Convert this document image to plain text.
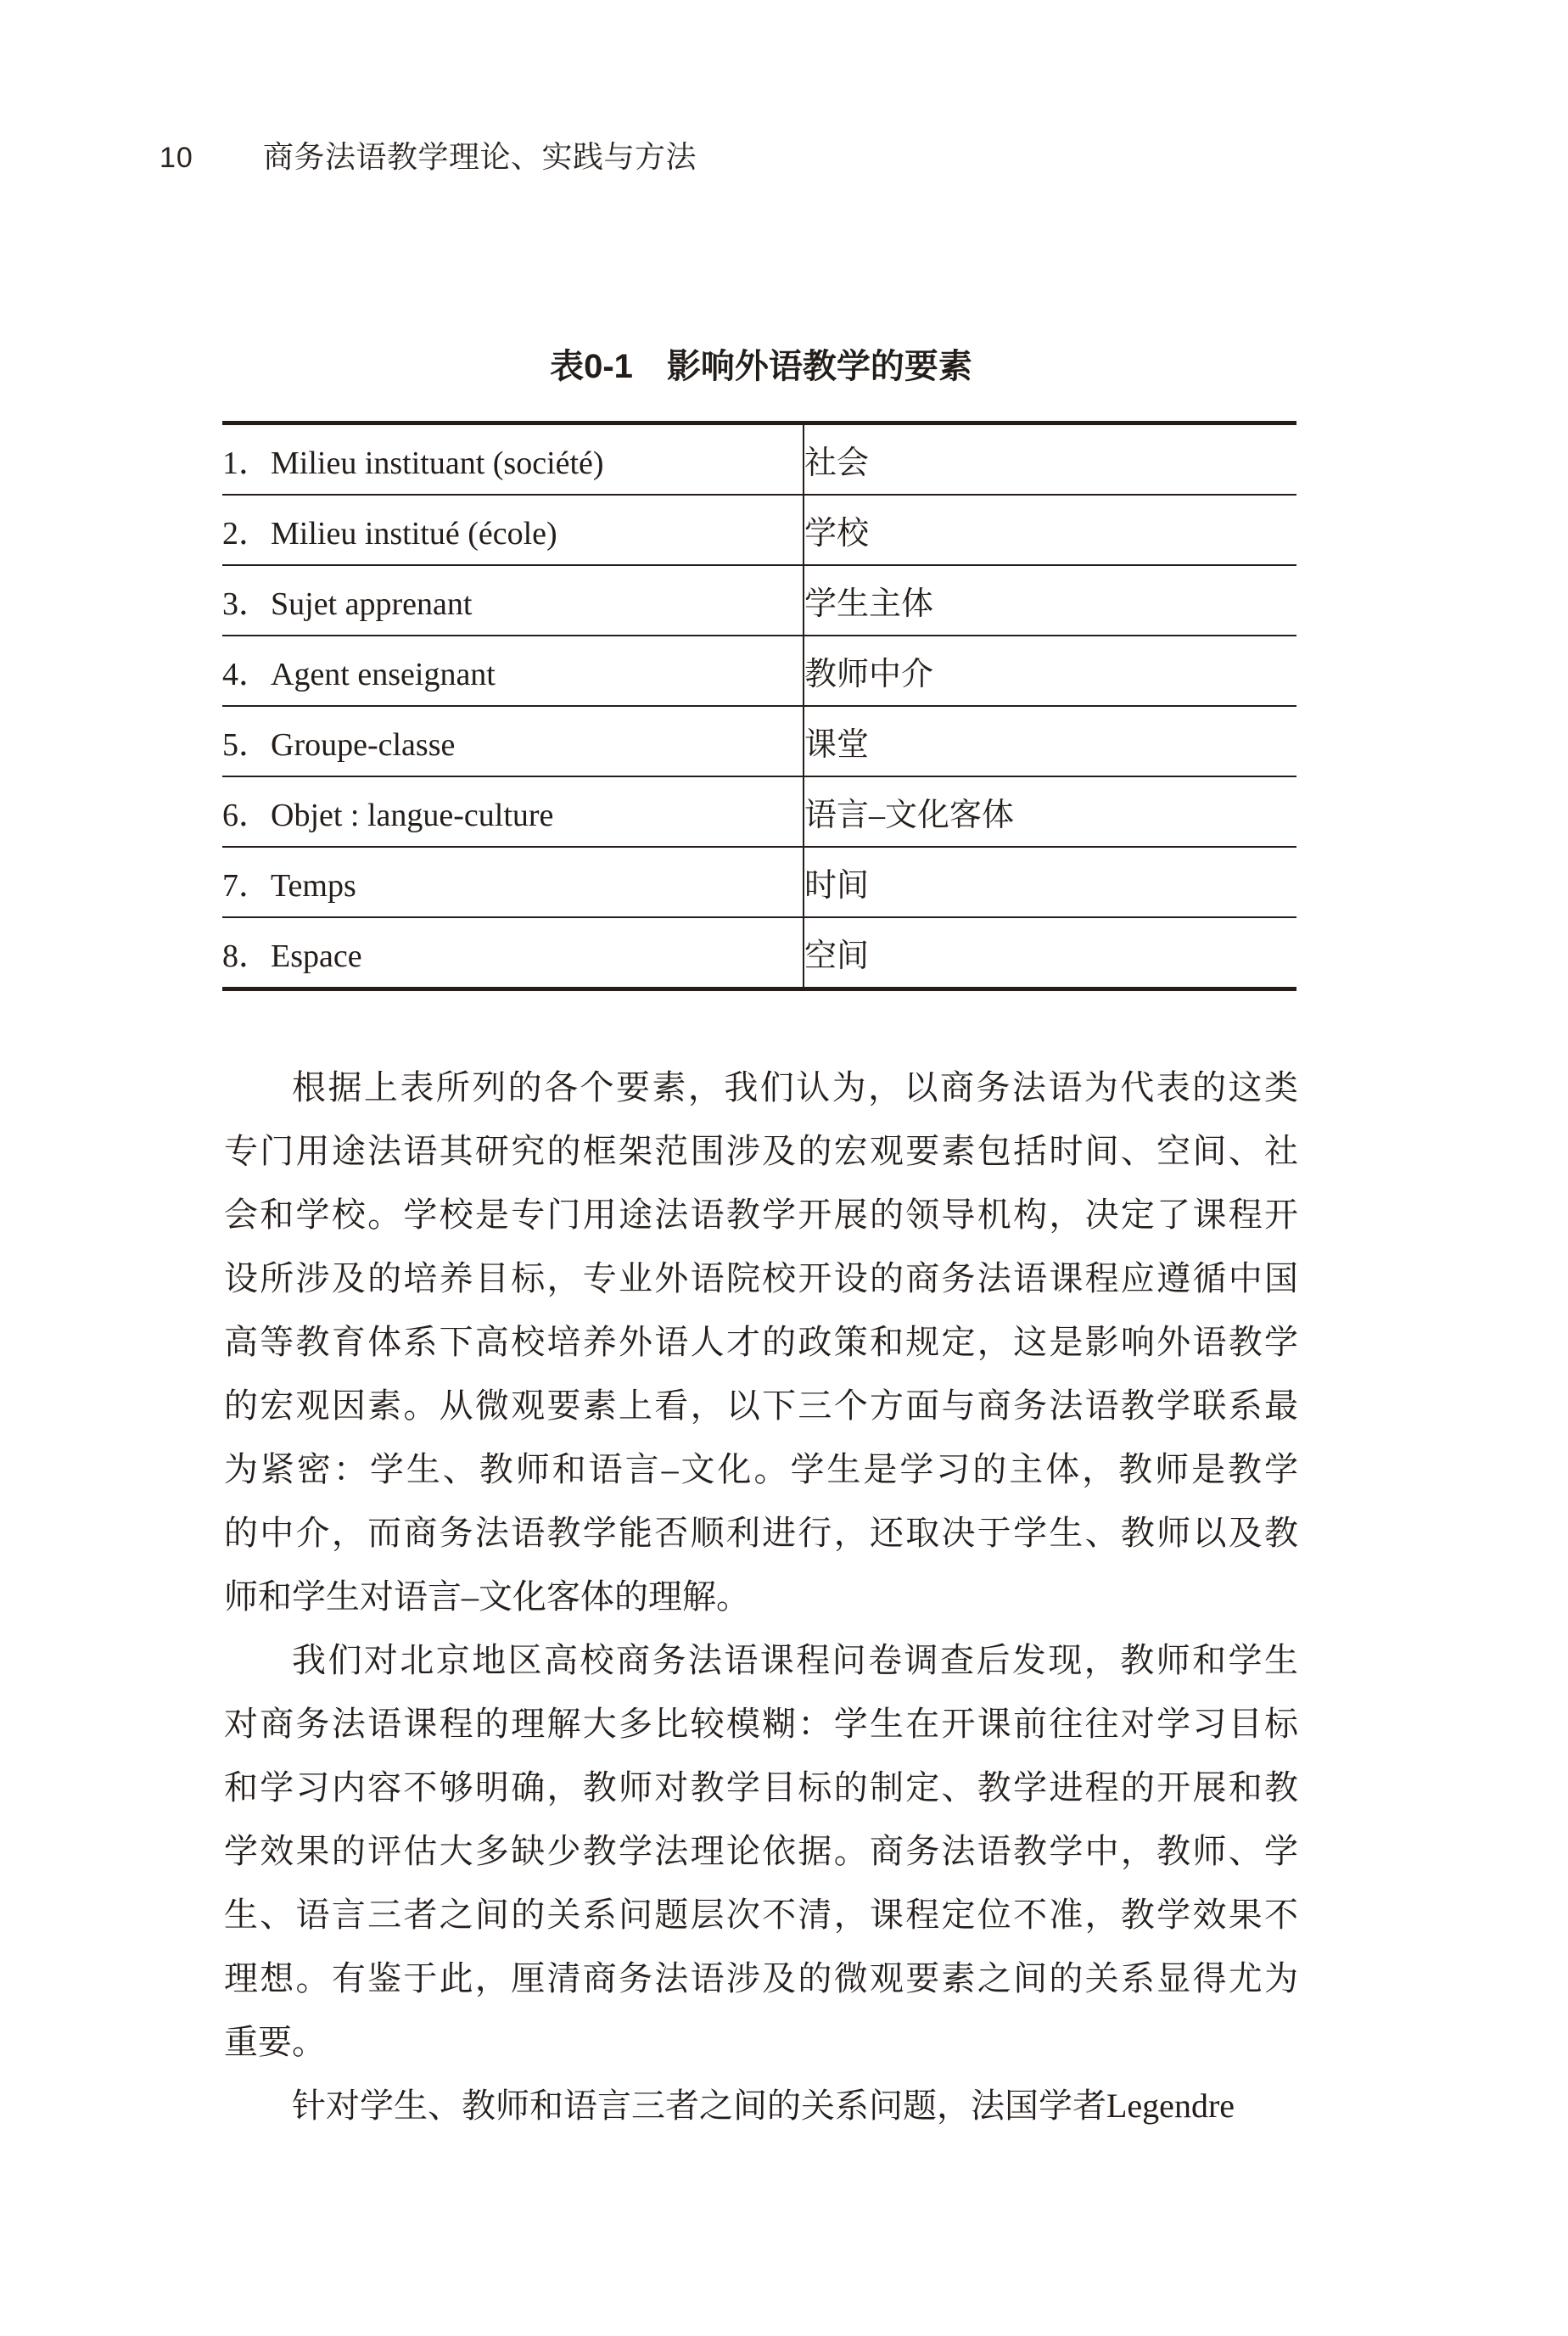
10	商务法语教学理论、实践与方法
表0-1 影响外语教学的要素
1．Milieu instituant (société)	社会
2．Milieu institué (école)	学校
3．Sujet apprenant	学生主体
4．Agent enseignant	教师中介
5．Groupe-classe	课堂
6．Objet : langue-culture	语言–文化客体
7．Temps	时间
8．Espace	空间
根据上表所列的各个要素，我们认为，以商务法语为代表的这类
专门用途法语其研究的框架范围涉及的宏观要素包括时间、空间、社
会和学校。学校是专门用途法语教学开展的领导机构，决定了课程开
设所涉及的培养目标，专业外语院校开设的商务法语课程应遵循中国
高等教育体系下高校培养外语人才的政策和规定，这是影响外语教学
的宏观因素。从微观要素上看，以下三个方面与商务法语教学联系最
为紧密：学生、教师和语言–文化。学生是学习的主体，教师是教学
的中介，而商务法语教学能否顺利进行，还取决于学生、教师以及教
师和学生对语言–文化客体的理解。
我们对北京地区高校商务法语课程问卷调查后发现，教师和学生
对商务法语课程的理解大多比较模糊：学生在开课前往往对学习目标
和学习内容不够明确，教师对教学目标的制定、教学进程的开展和教
学效果的评估大多缺少教学法理论依据。商务法语教学中，教师、学
生、语言三者之间的关系问题层次不清，课程定位不准，教学效果不
理想。有鉴于此，厘清商务法语涉及的微观要素之间的关系显得尤为
重要。
针对学生、教师和语言三者之间的关系问题，法国学者Legendre
